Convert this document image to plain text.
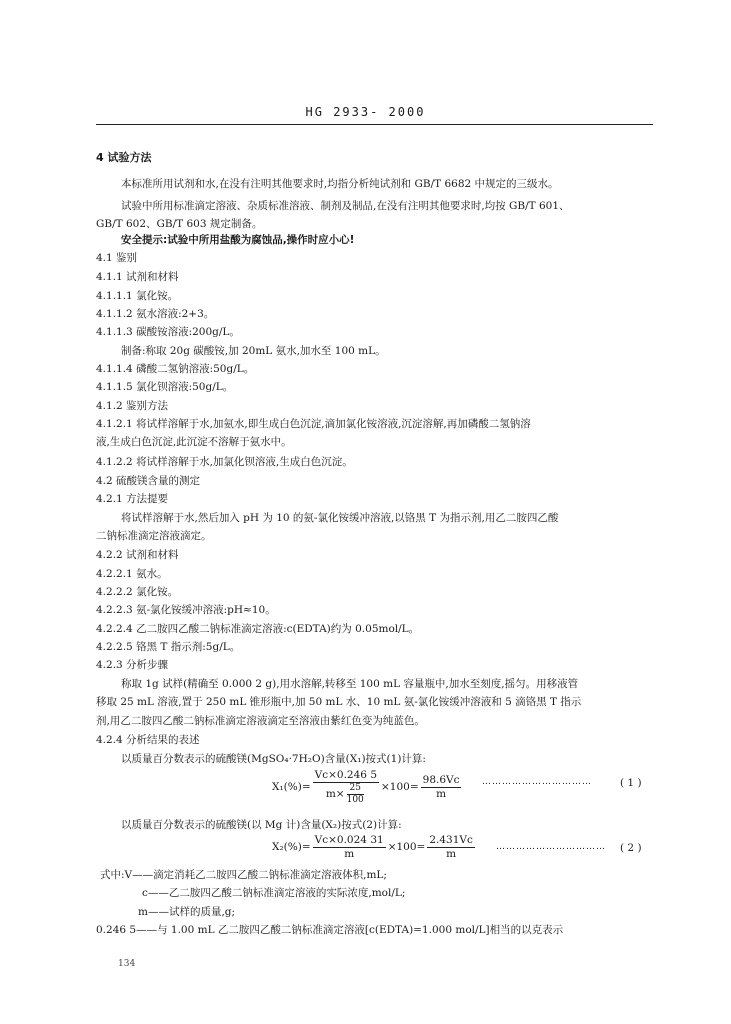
HG 2933- 2000
4 试验方法
本标准所用试剂和水,在没有注明其他要求时,均指分析纯试剂和 GB/T 6682 中规定的三级水。
试验中所用标准滴定溶液、杂质标准溶液、制剂及制品,在没有注明其他要求时,均按 GB/T 601、
GB/T 602、GB/T 603 规定制备。
安全提示:试验中所用盐酸为腐蚀品,操作时应小心!
4.1 鉴别
4.1.1 试剂和材料
4.1.1.1 氯化铵。
4.1.1.2 氨水溶液:2+3。
4.1.1.3 碳酸铵溶液:200g/L。
制备:称取 20g 碳酸铵,加 20mL 氨水,加水至 100 mL。
4.1.1.4 磷酸二氢钠溶液:50g/L。
4.1.1.5 氯化钡溶液:50g/L。
4.1.2 鉴别方法
4.1.2.1 将试样溶解于水,加氨水,即生成白色沉淀,滴加氯化铵溶液,沉淀溶解,再加磷酸二氢钠溶
液,生成白色沉淀,此沉淀不溶解于氨水中。
4.1.2.2 将试样溶解于水,加氯化钡溶液,生成白色沉淀。
4.2 硫酸镁含量的测定
4.2.1 方法提要
将试样溶解于水,然后加入 pH 为 10 的氨-氯化铵缓冲溶液,以铬黑 T 为指示剂,用乙二胺四乙酸
二钠标准滴定溶液滴定。
4.2.2 试剂和材料
4.2.2.1 氨水。
4.2.2.2 氯化铵。
4.2.2.3 氨-氯化铵缓冲溶液:pH≈10。
4.2.2.4 乙二胺四乙酸二钠标准滴定溶液:c(EDTA)约为 0.05mol/L。
4.2.2.5 铬黑 T 指示剂:5g/L。
4.2.3 分析步骤
称取 1g 试样(精确至 0.000 2 g),用水溶解,转移至 100 mL 容量瓶中,加水至刻度,摇匀。用移液管
移取 25 mL 溶液,置于 250 mL 锥形瓶中,加 50 mL 水、10 mL 氨-氯化铵缓冲溶液和 5 滴铬黑 T 指示
剂,用乙二胺四乙酸二钠标准滴定溶液滴定至溶液由紫红色变为纯蓝色。
4.2.4 分析结果的表述
以质量百分数表示的硫酸镁(MgSO₄·7H₂O)含量(X₁)按式(1)计算:
$X_1(\%)= \frac{Vc\times 0.246 5}{m\times \frac{25}{100}} \times 100= \frac{98.6Vc}{m}$ ……………………………	( 1 )
以质量百分数表示的硫酸镁(以 Mg 计)含量(X₂)按式(2)计算:
$X_2(\%)= \frac{Vc\times 0.024 31}{m} \times 100= \frac{2.431Vc}{m}$ …………………………… ( 2 )
式中:V——滴定消耗乙二胺四乙酸二钠标准滴定溶液体积,mL;
c——乙二胺四乙酸二钠标准滴定溶液的实际浓度,mol/L;
m——试样的质量,g;
0.246 5——与 1.00 mL 乙二胺四乙酸二钠标准滴定溶液[c(EDTA)=1.000 mol/L]相当的以克表示
134
